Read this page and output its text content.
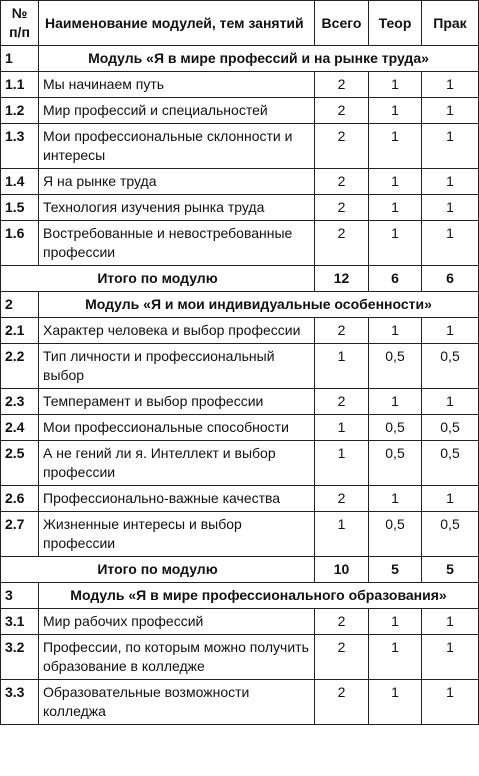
№ п/п	Наименование модулей, тем занятий	Всего	Теор	Прак
1	Модуль «Я в мире профессий и на рынке труда»			
1.1	Мы начинаем путь	2	1	1
1.2	Мир профессий и специальностей	2	1	1
1.3	Мои профессиональные склонности и интересы	2	1	1
1.4	Я на рынке труда	2	1	1
1.5	Технология изучения рынка труда	2	1	1
1.6	Востребованные и невостребованные профессии	2	1	1
Итого по модулю		12	6	6
2	Модуль «Я и мои индивидуальные особенности»			
2.1	Характер человека и выбор профессии	2	1	1
2.2	Тип личности и профессиональный выбор	1	0,5	0,5
2.3	Темперамент и выбор профессии	2	1	1
2.4	Мои профессиональные способности	1	0,5	0,5
2.5	А не гений ли я. Интеллект и выбор профессии	1	0,5	0,5
2.6	Профессионально-важные качества	2	1	1
2.7	Жизненные интересы и выбор профессии	1	0,5	0,5
Итого по модулю		10	5	5
3	Модуль «Я в мире профессионального образования»			
3.1	Мир рабочих профессий	2	1	1
3.2	Профессии, по которым можно получить образование в колледже	2	1	1
3.3	Образовательные возможности колледжа	2	1	1
